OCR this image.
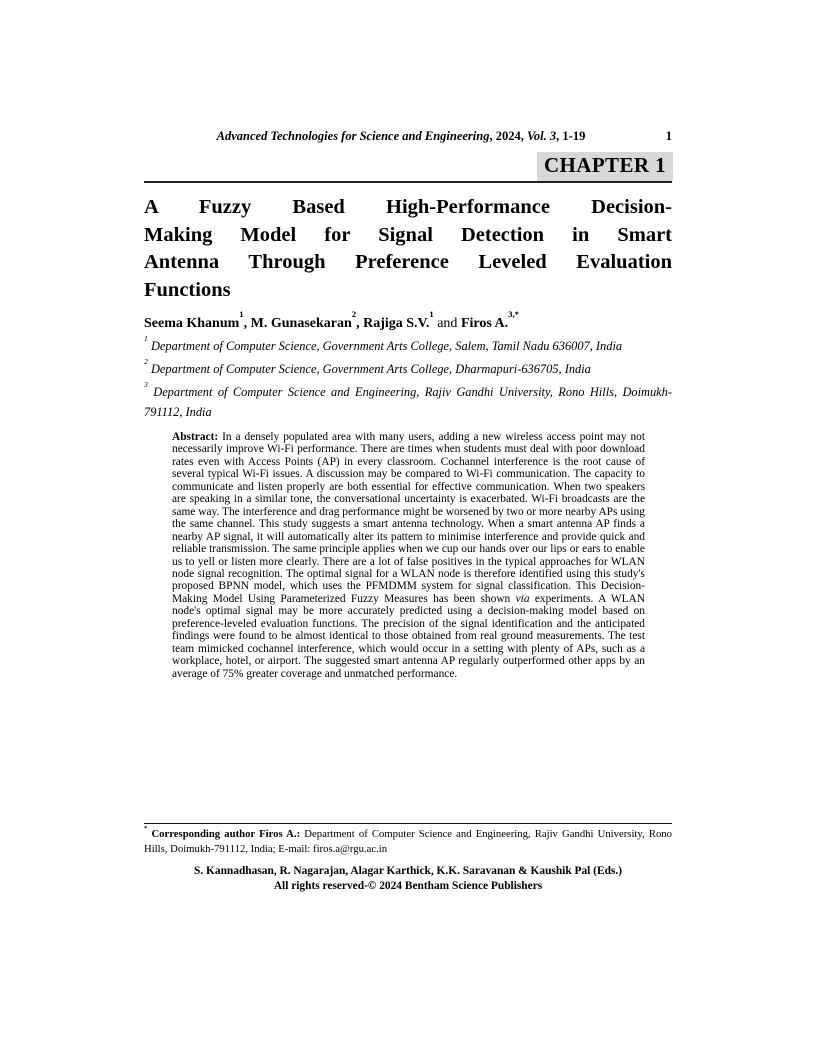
Advanced Technologies for Science and Engineering, 2024, Vol. 3, 1-19	1
CHAPTER 1
A Fuzzy Based High-Performance Decision-
Making Model for Signal Detection in Smart
Antenna Through Preference Leveled Evaluation
Functions
Seema Khanum$^1$, M. Gunasekaran$^2$, Rajiga S.V.$^1$ and Firos A.$^{3,*}$

$^1$ Department of Computer Science, Government Arts College, Salem, Tamil Nadu 636007, India

$^2$ Department of Computer Science, Government Arts College, Dharmapuri-636705, India

$^3$ Department of Computer Science and Engineering, Rajiv Gandhi University, Rono Hills, Doimukh-791112, India

Abstract: In a densely populated area with many users, adding a new wireless access point may not necessarily improve Wi-Fi performance. There are times when students must deal with poor download rates even with Access Points (AP) in every classroom. Cochannel interference is the root cause of several typical Wi-Fi issues. A discussion may be compared to Wi-Fi communication. The capacity to communicate and listen properly are both essential for effective communication. When two speakers are speaking in a similar tone, the conversational uncertainty is exacerbated. Wi-Fi broadcasts are the same way. The interference and drag performance might be worsened by two or more nearby APs using the same channel. This study suggests a smart antenna technology. When a smart antenna AP finds a nearby AP signal, it will automatically alter its pattern to minimise interference and provide quick and reliable transmission. The same principle applies when we cup our hands over our lips or ears to enable us to yell or listen more clearly. There are a lot of false positives in the typical approaches for WLAN node signal recognition. The optimal signal for a WLAN node is therefore identified using this study's proposed BPNN model, which uses the PFMDMM system for signal classification. This Decision-Making Model Using Parameterized Fuzzy Measures has been shown via experiments. A WLAN node's optimal signal may be more accurately predicted using a decision-making model based on preference-leveled evaluation functions. The precision of the signal identification and the anticipated findings were found to be almost identical to those obtained from real ground measurements. The test team mimicked cochannel interference, which would occur in a setting with plenty of APs, such as a workplace, hotel, or airport. The suggested smart antenna AP regularly outperformed other apps by an average of 75% greater coverage and unmatched performance.
* Corresponding author Firos A.: Department of Computer Science and Engineering, Rajiv Gandhi University, Rono Hills, Doimukh-791112, India; E-mail: firos.a@rgu.ac.in
S. Kannadhasan, R. Nagarajan, Alagar Karthick, K.K. Saravanan & Kaushik Pal (Eds.)
All rights reserved-© 2024 Bentham Science Publishers
